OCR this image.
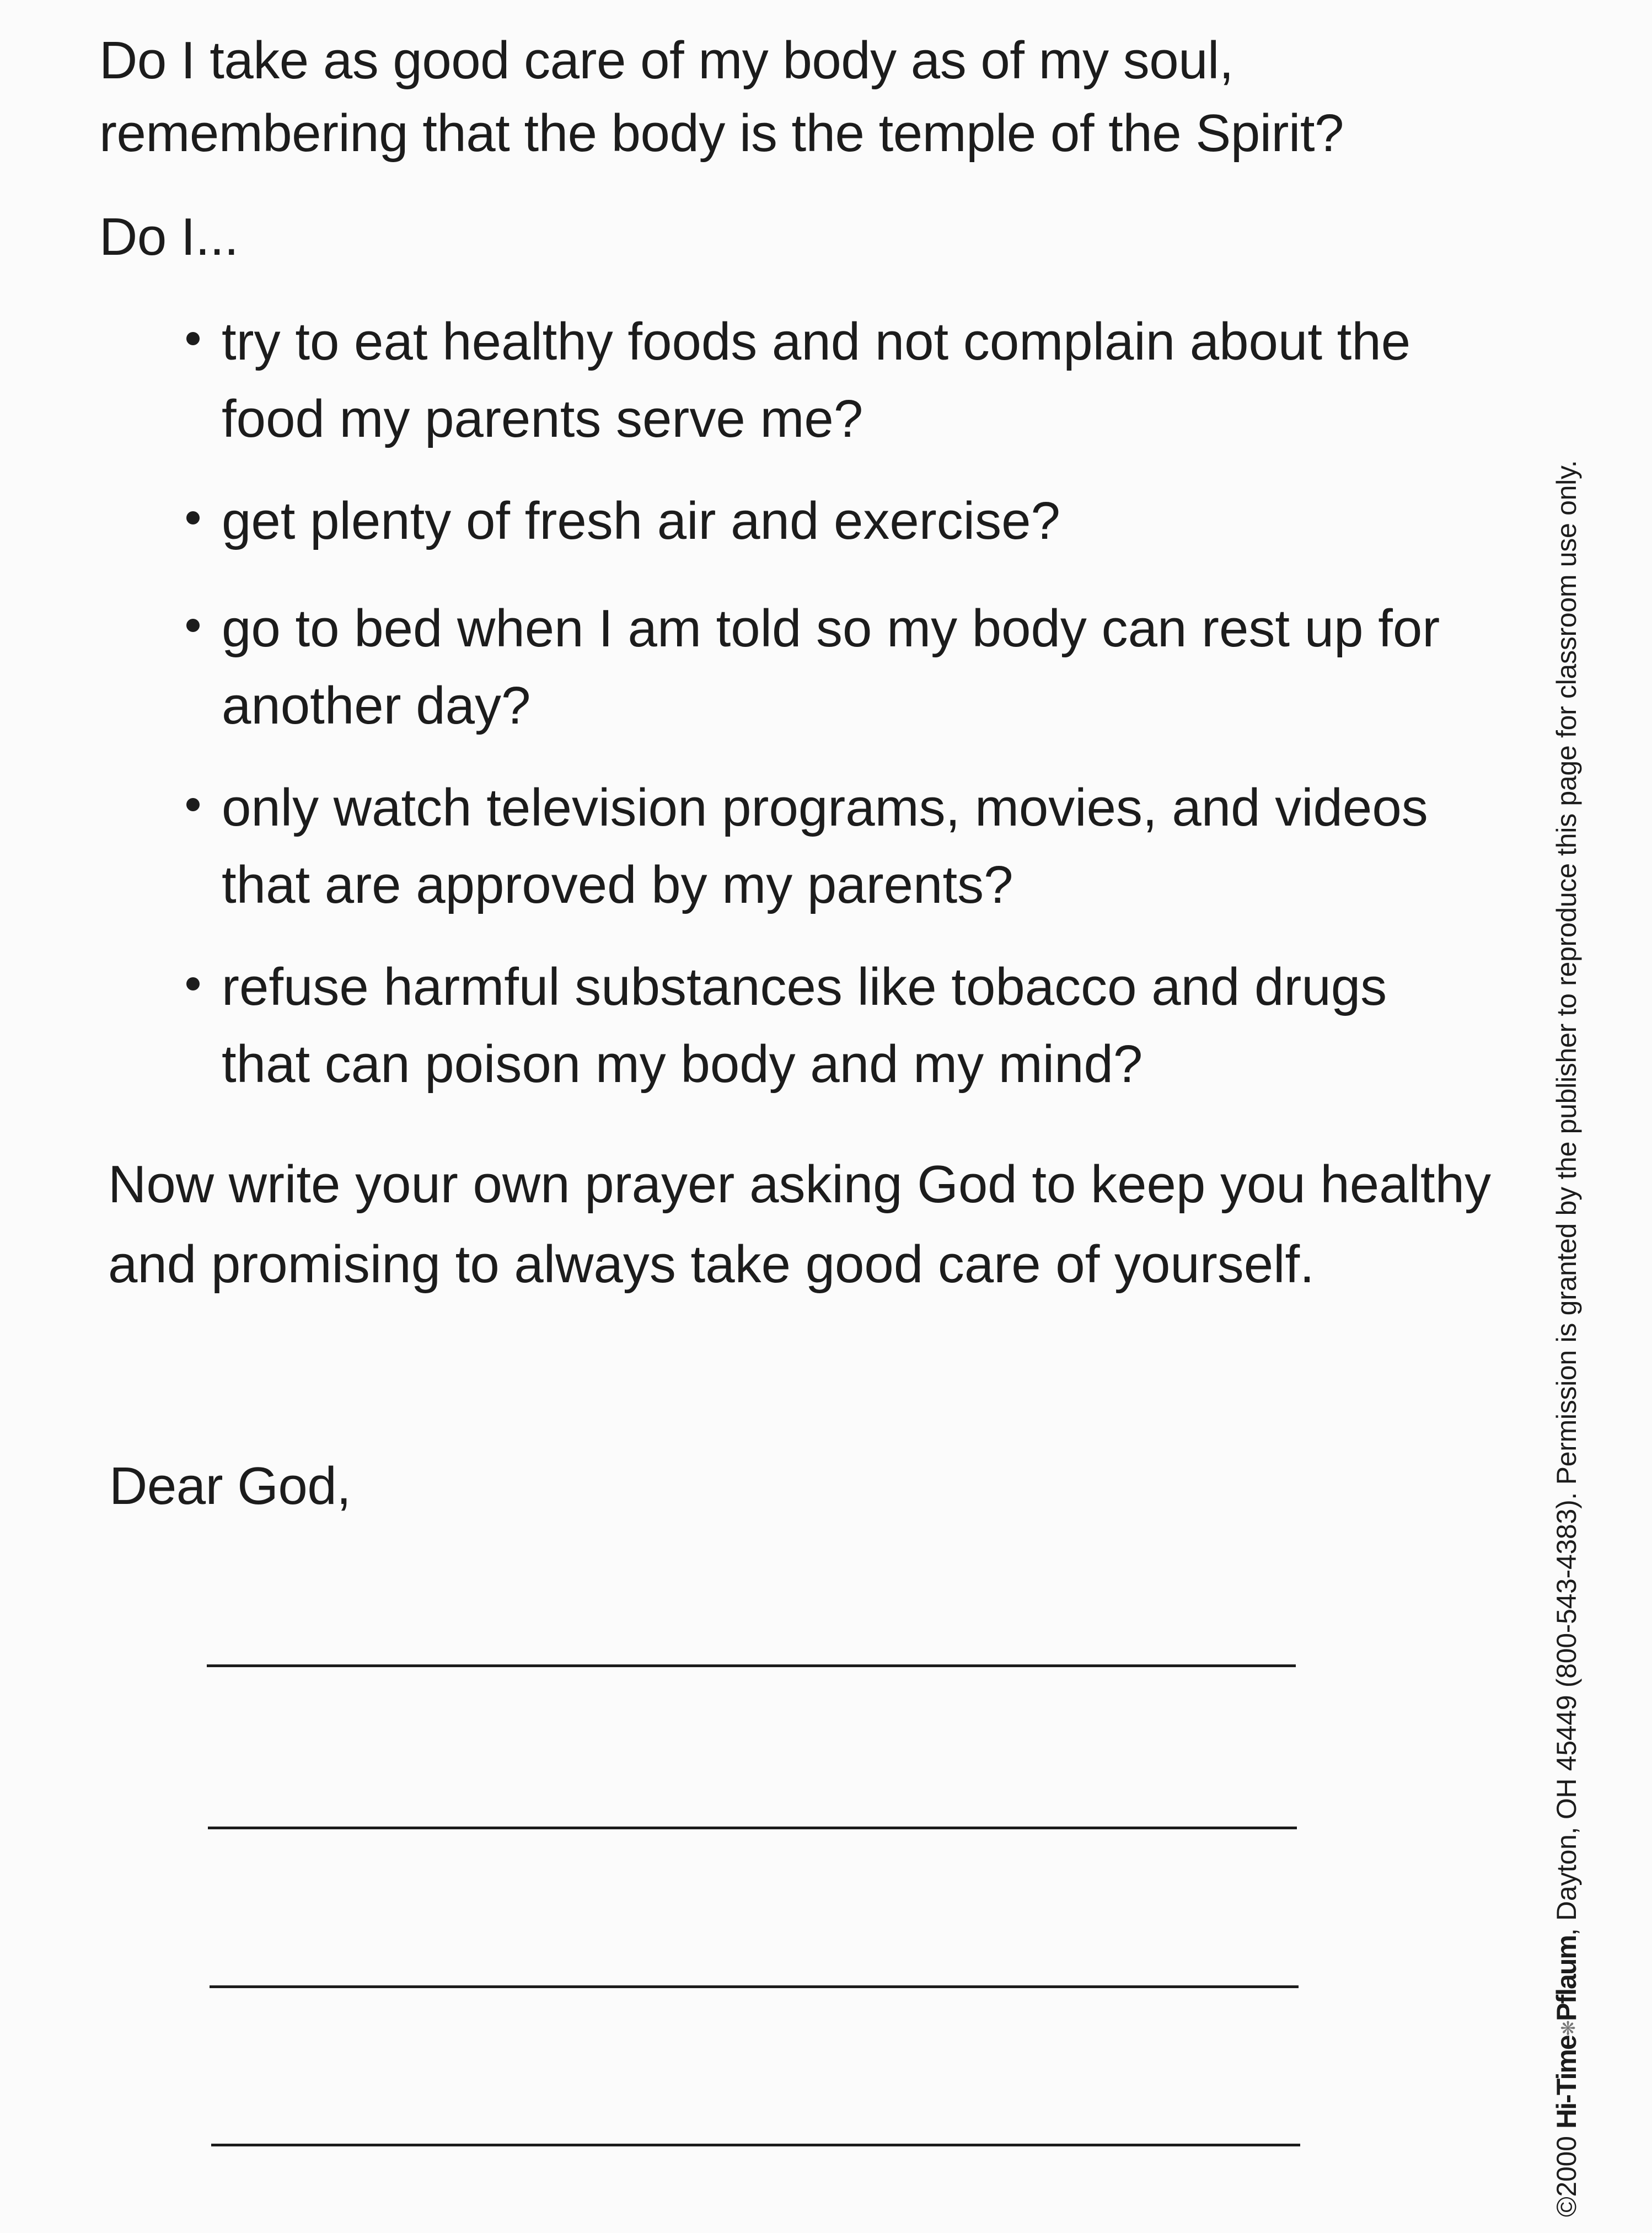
Do I take as good care of my body as of my soul,
remembering that the body is the temple of the Spirit?
Do I...
try to eat healthy foods and not complain about the food my parents serve me?
get plenty of fresh air and exercise?
go to bed when I am told so my body can rest up for another day?
only watch television programs, movies, and videos that are approved by my parents?
refuse harmful substances like tobacco and drugs that can poison my body and my mind?
Now write your own prayer asking God to keep you healthy and promising to always take good care of yourself.
Dear God,
©2000 Hi-Time❋Pflaum, Dayton, OH 45449 (800-543-4383). Permission is granted by the publisher to reproduce this page for classroom use only.
